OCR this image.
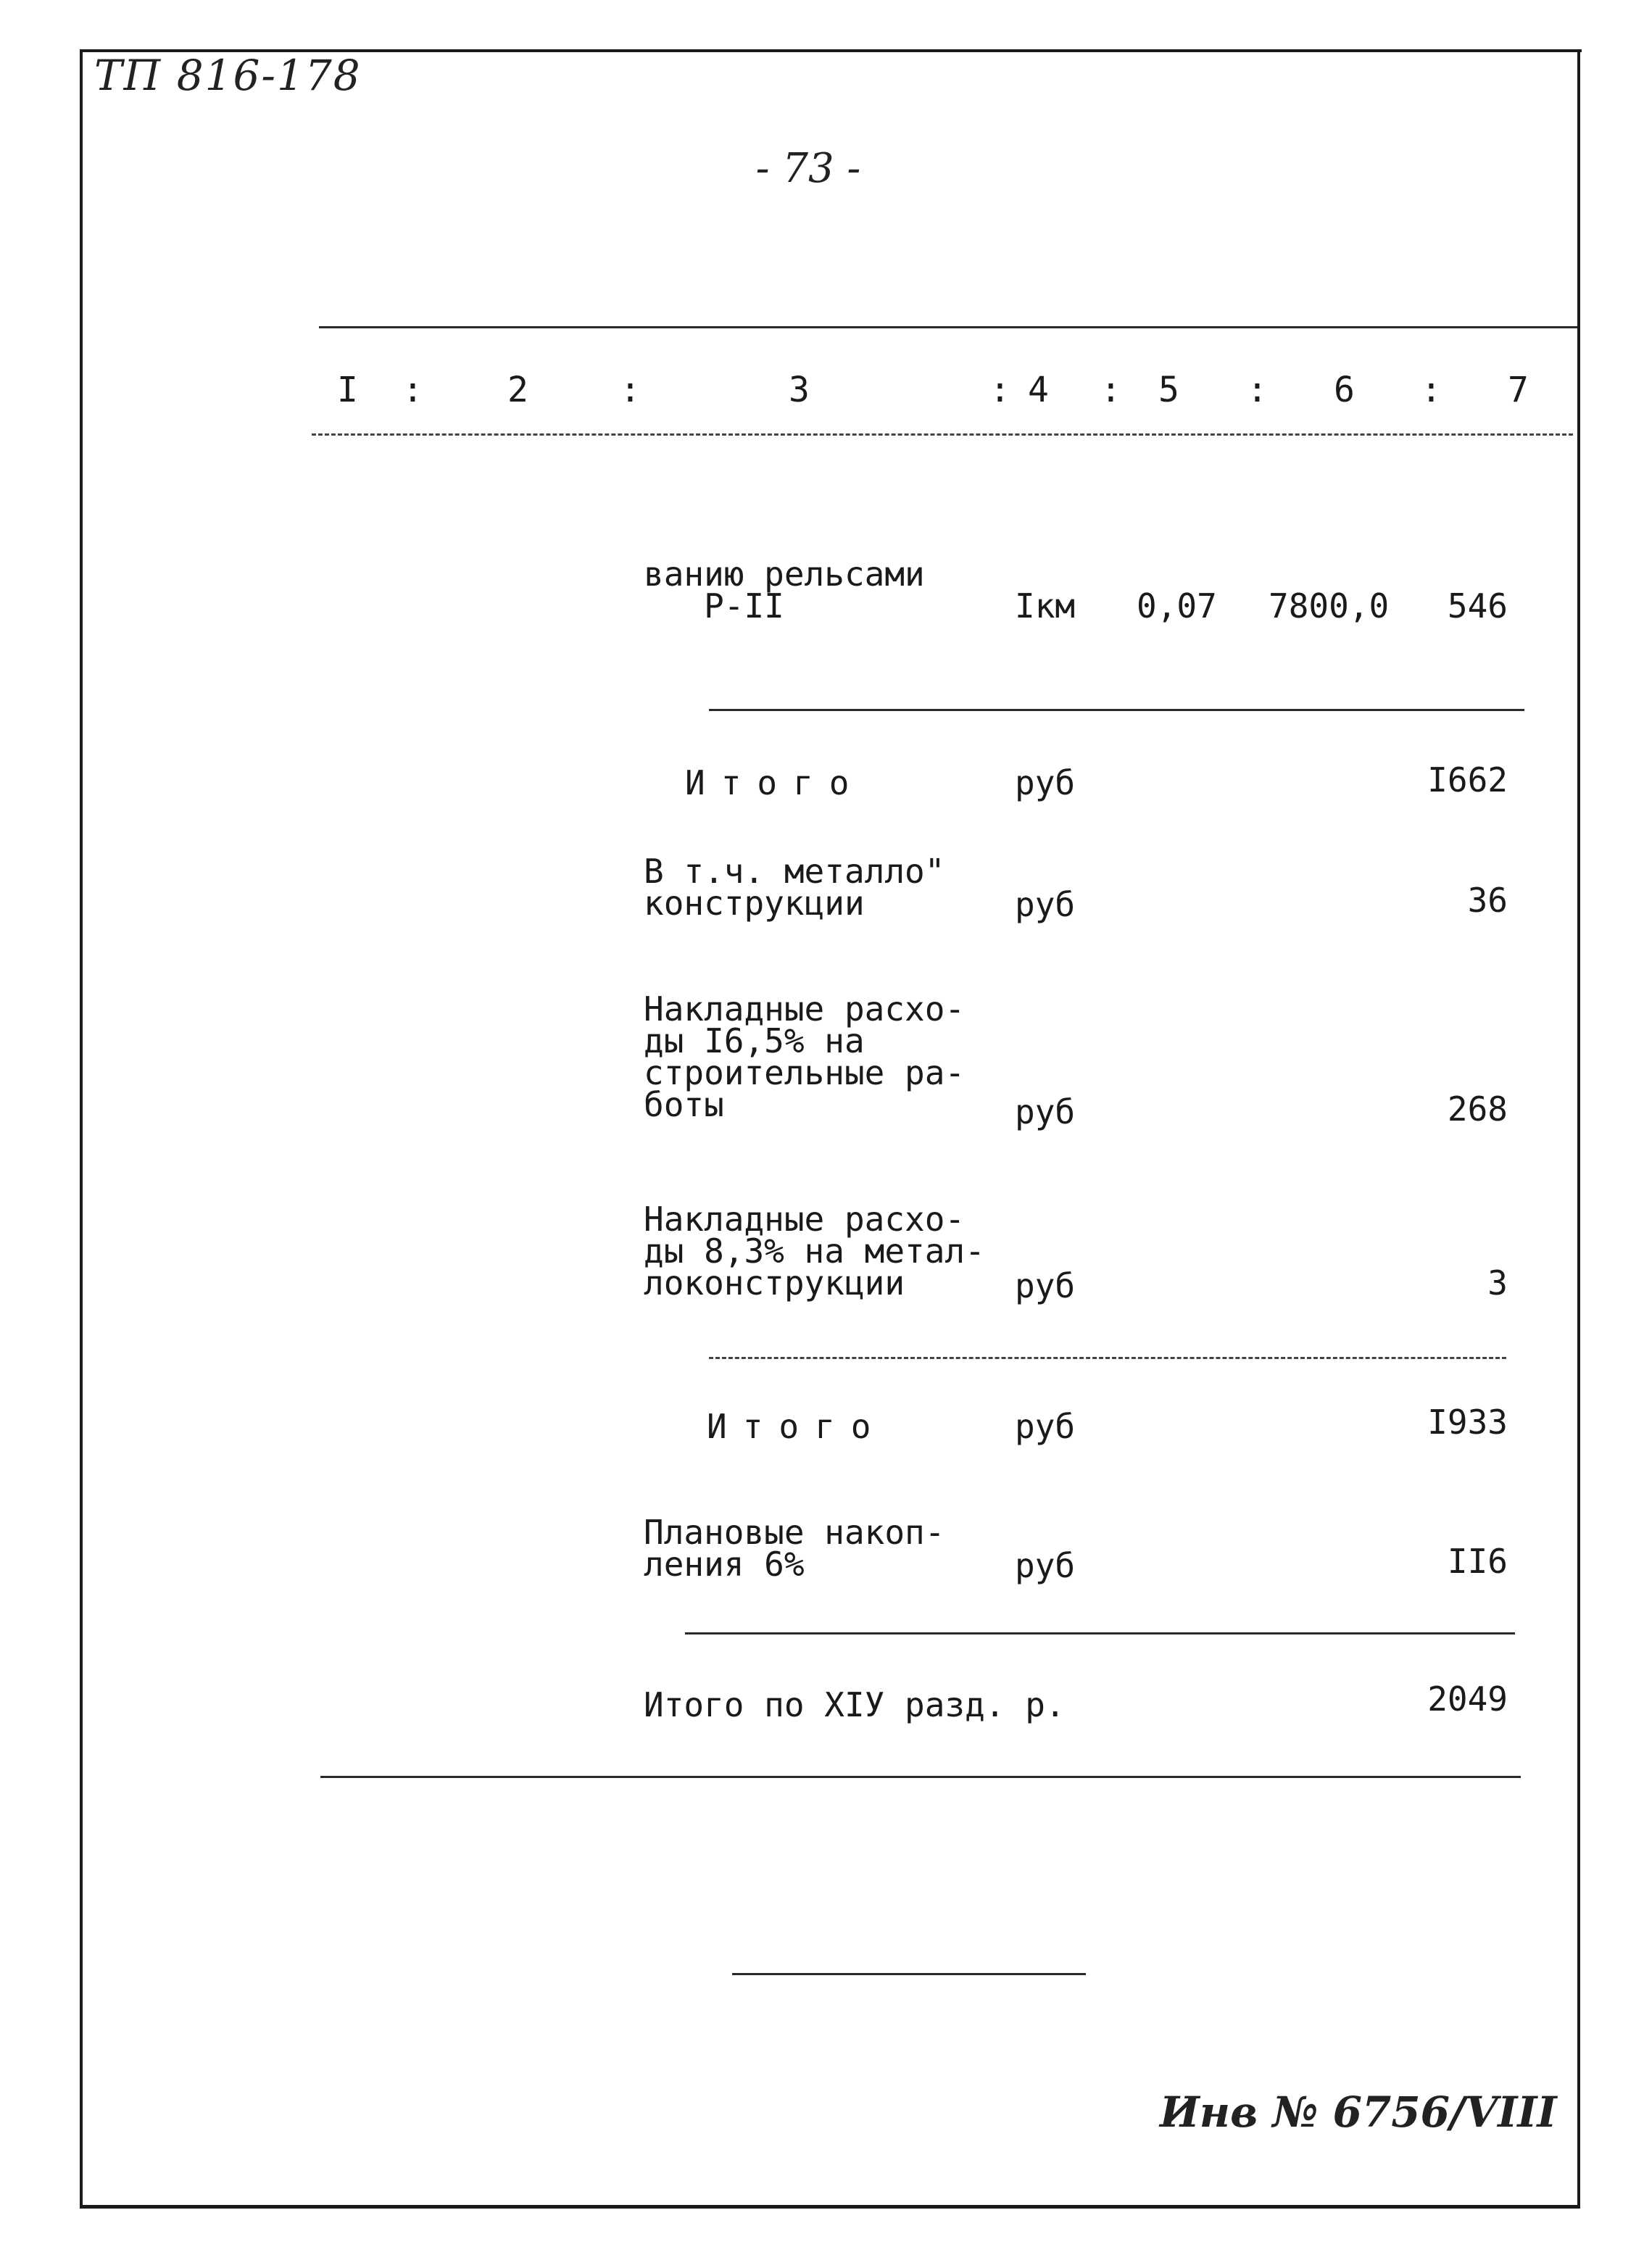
ТП 816-178
- 73 -
I : 2	:	3	: 4 : 5 : 6 : 7
ванию рельсами
Р-II	Iкм 0,07 7800,0	546
Итого	руб	I662
В т.ч. металло"
конструкции	руб	36
Накладные расхо-
ды I6,5% на
строительные ра-
боты	руб	268
Накладные расхо-
ды 8,3% на метал-
локонструкции	руб	3
Итого	руб	I933
Плановые накоп-
ления 6%	руб	II6
Итого по XIУ разд. р.	2049
Инв № 6756/VIII
